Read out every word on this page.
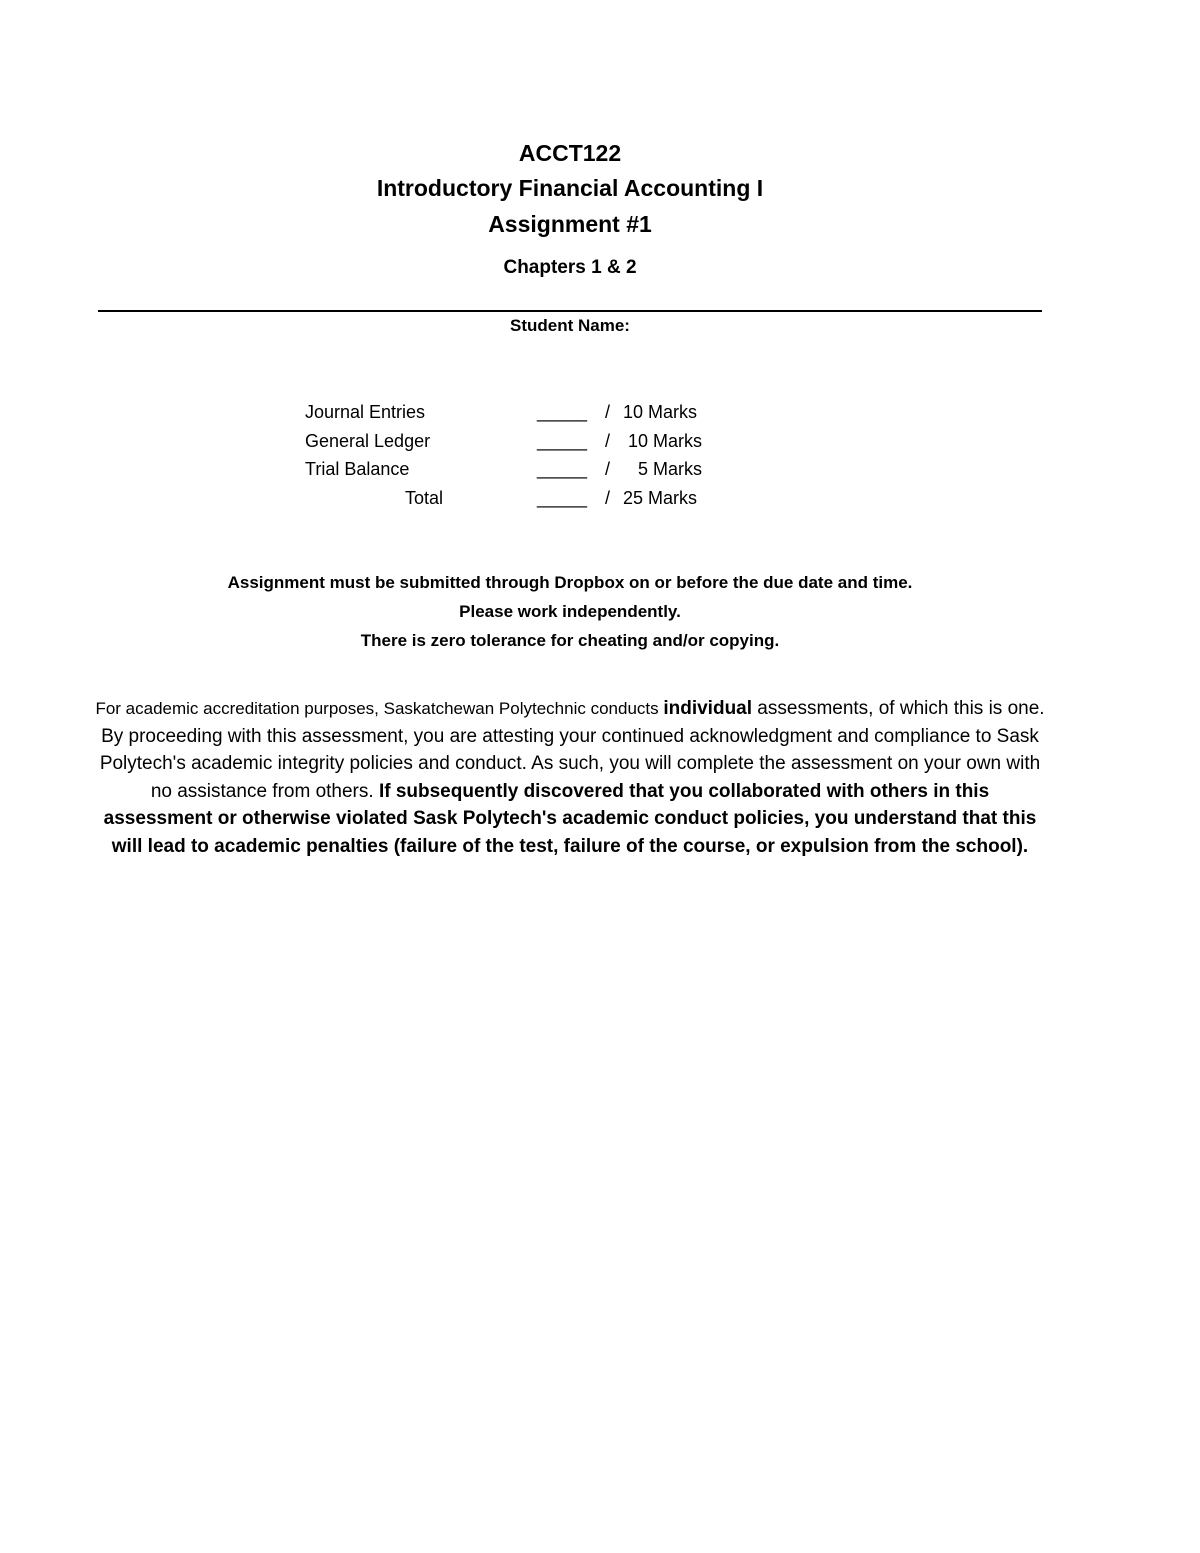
ACCT122
Introductory Financial Accounting I
Assignment #1
Chapters 1 & 2
Student Name:
Journal Entries	_____ / 10 Marks
General Ledger	_____ / 10 Marks
Trial Balance	_____ / 5 Marks
Total	_____ / 25 Marks
Assignment must be submitted through Dropbox on or before the due date and time.
Please work independently.
There is zero tolerance for cheating and/or copying.
For academic accreditation purposes, Saskatchewan Polytechnic conducts individual assessments, of which this is one. By proceeding with this assessment, you are attesting your continued acknowledgment and compliance to Sask Polytech's academic integrity policies and conduct. As such, you will complete the assessment on your own with no assistance from others. If subsequently discovered that you collaborated with others in this assessment or otherwise violated Sask Polytech's academic conduct policies, you understand that this will lead to academic penalties (failure of the test, failure of the course, or expulsion from the school).
